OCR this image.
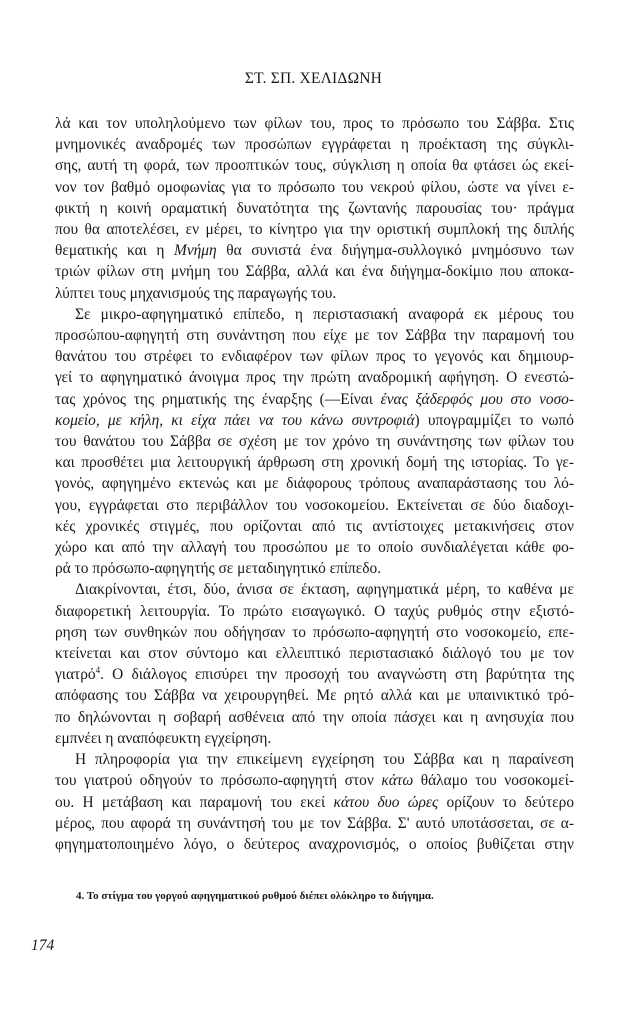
ΣΤ. ΣΠ. ΧΕΛΙΔΩΝΗ

λά και τον υποληλούμενο των φίλων του, προς το πρόσωπο του Σάββα. Στις
μνημονικές αναδρομές των προσώπων εγγράφεται η προέκταση της σύγκλι-
σης, αυτή τη φορά, των προοπτικών τους, σύγκλιση η οποία θα φτάσει ώς εκεί-
νον τον βαθμό ομοφωνίας για το πρόσωπο του νεκρού φίλου, ώστε να γίνει ε-
φικτή η κοινή οραματική δυνατότητα της ζωντανής παρουσίας του· πράγμα
που θα αποτελέσει, εν μέρει, το κίνητρο για την οριστική συμπλοκή της διπλής
θεματικής και η Μνήμη θα συνιστά ένα διήγημα-συλλογικό μνημόσυνο των
τριών φίλων στη μνήμη του Σάββα, αλλά και ένα διήγημα-δοκίμιο που αποκα-
λύπτει τους μηχανισμούς της παραγωγής του.

Σε μικρο-αφηγηματικό επίπεδο, η περιστασιακή αναφορά εκ μέρους του
προσώπου-αφηγητή στη συνάντηση που είχε με τον Σάββα την παραμονή του
θανάτου του στρέφει το ενδιαφέρον των φίλων προς το γεγονός και δημιουρ-
γεί το αφηγηματικό άνοιγμα προς την πρώτη αναδρομική αφήγηση. Ο ενεστώ-
τας χρόνος της ρηματικής της έναρξης (—Είναι ένας ξάδερφός μου στο νοσο-
κομείο, με κήλη, κι είχα πάει να του κάνω συντροφιά) υπογραμμίζει το νωπό
του θανάτου του Σάββα σε σχέση με τον χρόνο τη συνάντησης των φίλων του
και προσθέτει μια λειτουργική άρθρωση στη χρονική δομή της ιστορίας. Το γε-
γονός, αφηγημένο εκτενώς και με διάφορους τρόπους αναπαράστασης του λό-
γου, εγγράφεται στο περιβάλλον του νοσοκομείου. Εκτείνεται σε δύο διαδοχι-
κές χρονικές στιγμές, που ορίζονται από τις αντίστοιχες μετακινήσεις στον
χώρο και από την αλλαγή του προσώπου με το οποίο συνδιαλέγεται κάθε φο-
ρά το πρόσωπο-αφηγητής σε μεταδιηγητικό επίπεδο.

Διακρίνονται, έτσι, δύο, άνισα σε έκταση, αφηγηματικά μέρη, το καθένα με
διαφορετική λειτουργία. Το πρώτο εισαγωγικό. Ο ταχύς ρυθμός στην εξιστό-
ρηση των συνθηκών που οδήγησαν το πρόσωπο-αφηγητή στο νοσοκομείο, επε-
κτείνεται και στον σύντομο και ελλειπτικό περιστασιακό διάλογό του με τον
γιατρό$^4$. Ο διάλογος επισύρει την προσοχή του αναγνώστη στη βαρύτητα της
απόφασης του Σάββα να χειρουργηθεί. Με ρητό αλλά και με υπαινικτικό τρό-
πο δηλώνονται η σοβαρή ασθένεια από την οποία πάσχει και η ανησυχία που
εμπνέει η αναπόφευκτη εγχείρηση.

Η πληροφορία για την επικείμενη εγχείρηση του Σάββα και η παραίνεση
του γιατρού οδηγούν το πρόσωπο-αφηγητή στον κάτω θάλαμο του νοσοκομεί-
ου. Η μετάβαση και παραμονή του εκεί κάτου δυο ώρες ορίζουν το δεύτερο
μέρος, που αφορά τη συνάντησή του με τον Σάββα. Σ' αυτό υποτάσσεται, σε α-
φηγηματοποιημένο λόγο, ο δεύτερος αναχρονισμός, ο οποίος βυθίζεται στην

4. Το στίγμα του γοργού αφηγηματικού ρυθμού διέπει ολόκληρο το διήγημα.
174
